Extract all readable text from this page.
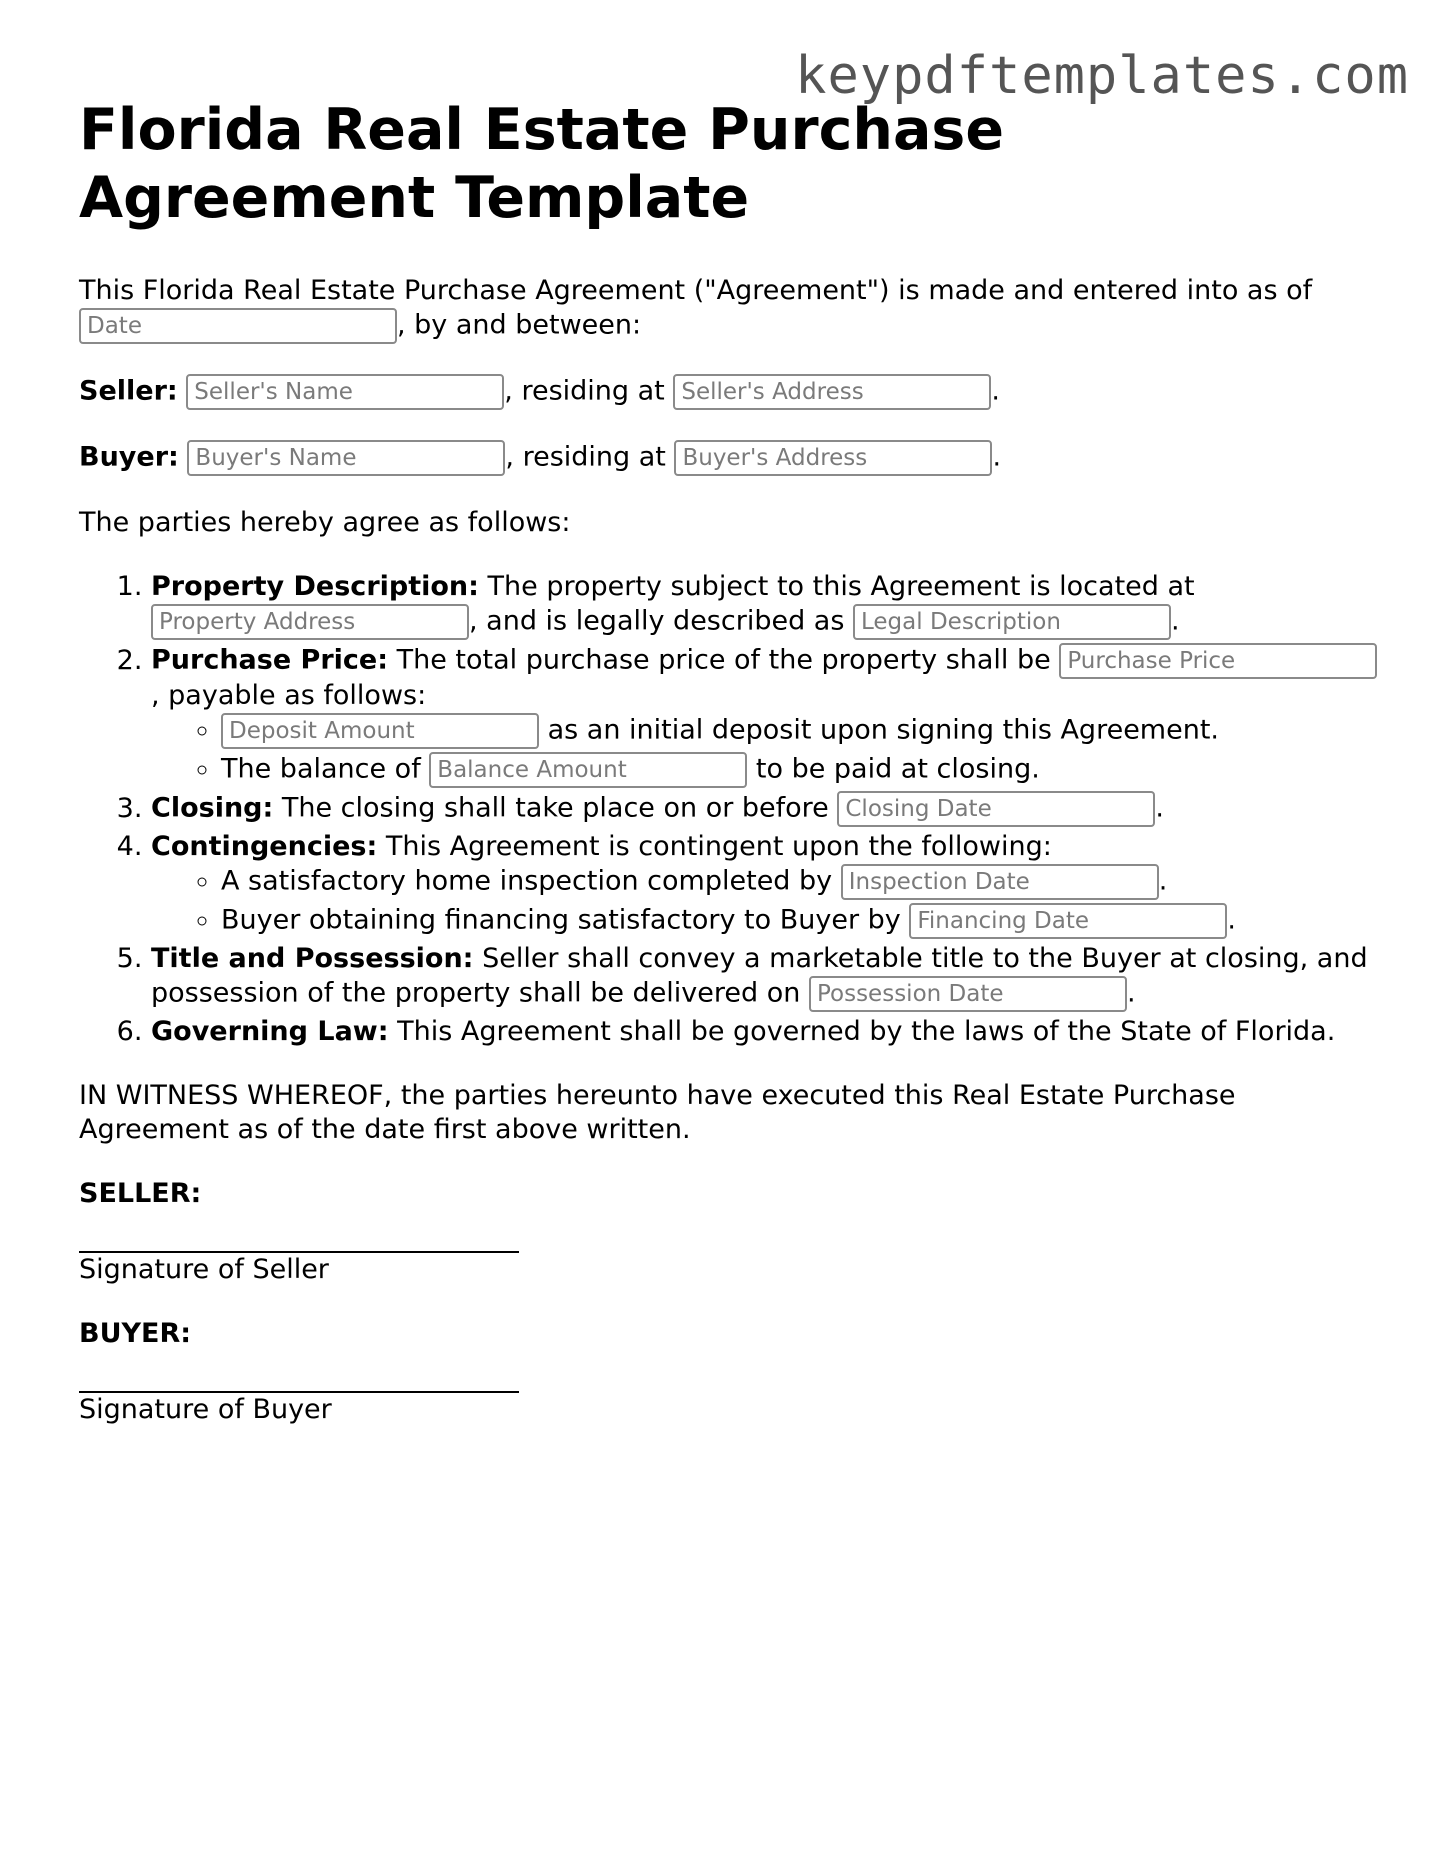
keypdftemplates.com
Florida Real Estate Purchase Agreement Template

This Florida Real Estate Purchase Agreement ("Agreement") is made and entered into as of Date, by and between:

Seller: Seller's Name	, residing at Seller's Address	.

Buyer: Buyer's Name	, residing at Buyer's Address	.

The parties hereby agree as follows:

1. Property Description: The property subject to this Agreement is located at Property Address, and is legally described as Legal Description	.
2. Purchase Price: The total purchase price of the property shall be Purchase Price, payable as follows:
Deposit Amount ◦ as an initial deposit upon signing this Agreement.
◦ The balance of Balance Amount	to be paid at closing.
3. Closing: The closing shall take place on or before Closing Date	.
4. Contingencies: This Agreement is contingent upon the following:
◦ A satisfactory home inspection completed by Inspection Date	.
◦ Buyer obtaining financing satisfactory to Buyer by Financing Date	.
5. Title and Possession: Seller shall convey a marketable title to the Buyer at closing, and possession of the property shall be delivered on Possession Date	.
6. Governing Law: This Agreement shall be governed by the laws of the State of Florida.

IN WITNESS WHEREOF, the parties hereunto have executed this Real Estate Purchase Agreement as of the date first above written.

SELLER:

Signature of Seller

BUYER:

Signature of Buyer
